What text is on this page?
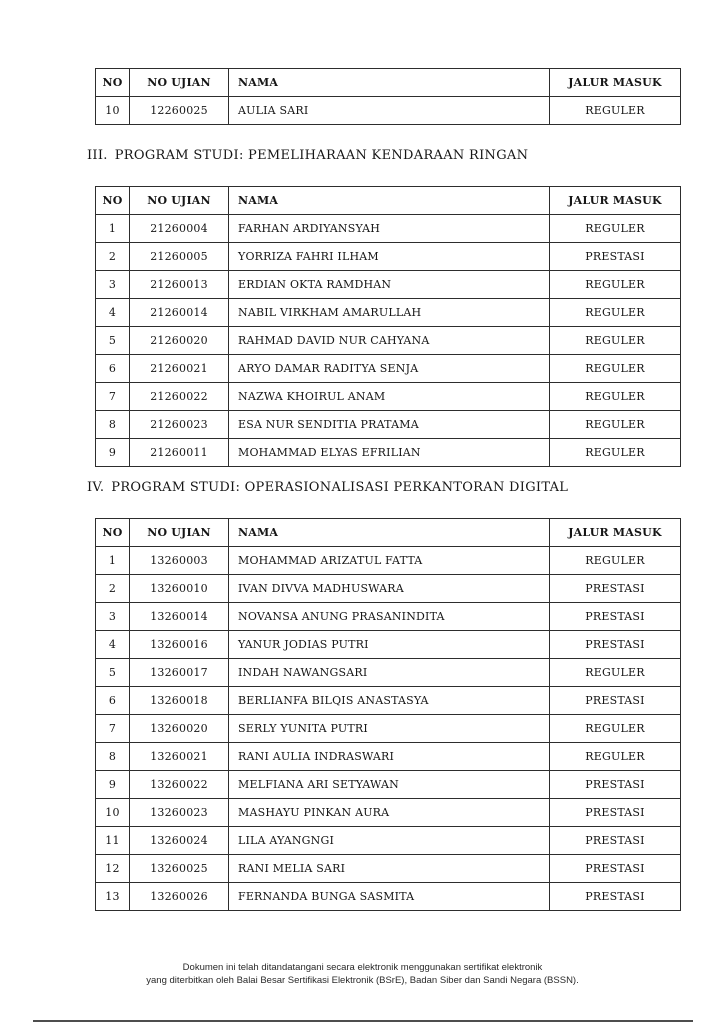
NO	NO UJIAN	NAMA	JALUR MASUK
10	12260025	AULIA SARI	REGULER
III. PROGRAM STUDI: PEMELIHARAAN KENDARAAN RINGAN
NO	NO UJIAN	NAMA	JALUR MASUK
1	21260004	FARHAN ARDIYANSYAH	REGULER
2	21260005	YORRIZA FAHRI ILHAM	PRESTASI
3	21260013	ERDIAN OKTA RAMDHAN	REGULER
4	21260014	NABIL VIRKHAM AMARULLAH	REGULER
5	21260020	RAHMAD DAVID NUR CAHYANA	REGULER
6	21260021	ARYO DAMAR RADITYA SENJA	REGULER
7	21260022	NAZWA KHOIRUL ANAM	REGULER
8	21260023	ESA NUR SENDITIA PRATAMA	REGULER
9	21260011	MOHAMMAD ELYAS EFRILIAN	REGULER
IV. PROGRAM STUDI: OPERASIONALISASI PERKANTORAN DIGITAL
NO	NO UJIAN	NAMA	JALUR MASUK
1	13260003	MOHAMMAD ARIZATUL FATTA	REGULER
2	13260010	IVAN DIVVA MADHUSWARA	PRESTASI
3	13260014	NOVANSA ANUNG PRASANINDITA	PRESTASI
4	13260016	YANUR JODIAS PUTRI	PRESTASI
5	13260017	INDAH NAWANGSARI	REGULER
6	13260018	BERLIANFA BILQIS ANASTASYA	PRESTASI
7	13260020	SERLY YUNITA PUTRI	REGULER
8	13260021	RANI AULIA INDRASWARI	REGULER
9	13260022	MELFIANA ARI SETYAWAN	PRESTASI
10	13260023	MASHAYU PINKAN AURA	PRESTASI
11	13260024	LILA AYANGNGI	PRESTASI
12	13260025	RANI MELIA SARI	PRESTASI
13	13260026	FERNANDA BUNGA SASMITA	PRESTASI
Dokumen ini telah ditandatangani secara elektronik menggunakan sertifikat elektronik
yang diterbitkan oleh Balai Besar Sertifikasi Elektronik (BSrE), Badan Siber dan Sandi Negara (BSSN).
